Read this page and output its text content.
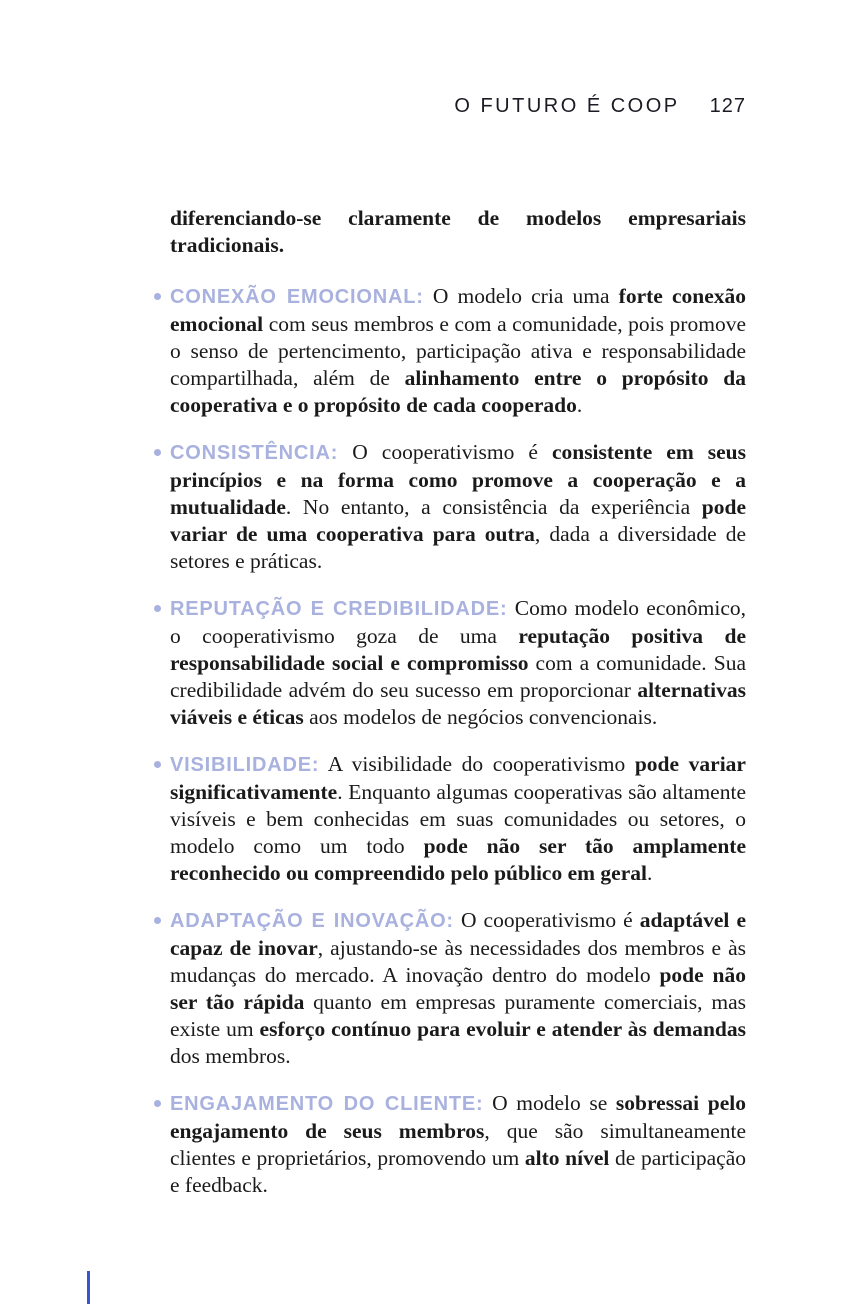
O FUTURO É COOP 127

diferenciando-se claramente de modelos empresariais tradicionais.

CONEXÃO EMOCIONAL: O modelo cria uma forte conexão emocional com seus membros e com a comunidade, pois promove o senso de pertencimento, participação ativa e responsabilidade compartilhada, além de alinhamento entre o propósito da cooperativa e o propósito de cada cooperado.
CONSISTÊNCIA: O cooperativismo é consistente em seus princípios e na forma como promove a cooperação e a mutualidade. No entanto, a consistência da experiência pode variar de uma cooperativa para outra, dada a diversidade de setores e práticas.
REPUTAÇÃO E CREDIBILIDADE: Como modelo econômico, o cooperativismo goza de uma reputação positiva de responsabilidade social e compromisso com a comunidade. Sua credibilidade advém do seu sucesso em proporcionar alternativas viáveis e éticas aos modelos de negócios convencionais.
VISIBILIDADE: A visibilidade do cooperativismo pode variar significativamente. Enquanto algumas cooperativas são altamente visíveis e bem conhecidas em suas comunidades ou setores, o modelo como um todo pode não ser tão amplamente reconhecido ou compreendido pelo público em geral.
ADAPTAÇÃO E INOVAÇÃO: O cooperativismo é adaptável e capaz de inovar, ajustando-se às necessidades dos membros e às mudanças do mercado. A inovação dentro do modelo pode não ser tão rápida quanto em empresas puramente comerciais, mas existe um esforço contínuo para evoluir e atender às demandas dos membros.
ENGAJAMENTO DO CLIENTE: O modelo se sobressai pelo engajamento de seus membros, que são simultaneamente clientes e proprietários, promovendo um alto nível de participação e feedback.
